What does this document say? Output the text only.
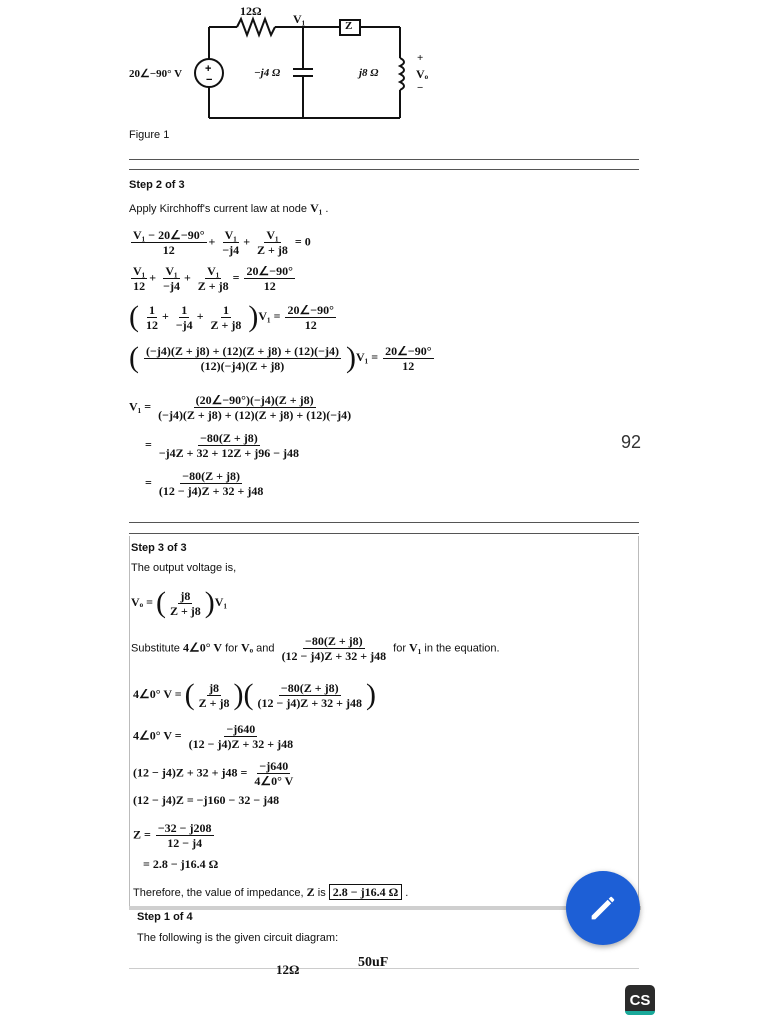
+
−
12Ω
V₁	Z
20∠−90° V	−j4 Ω	j8 Ω
+
Vₒ
−
Figure 1
Step 2 of 3
Apply Kirchhoff's current law at node V₁ .
$\frac{\text{V₁ − 20∠−90°}}{12} + \frac{\text{V₁}}{-j4} + \frac{\text{V₁}}{Z + j8} = 0$
$\frac{\text{V₁}}{12} + \frac{\text{V₁}}{-j4} + \frac{\text{V₁}}{Z + j8} = \frac{20\angle-90^\circ}{12}$
( $\frac{1}{12} + \frac{1}{-j4} + \frac{1}{Z + j8} )V_1 = \frac{20\angle-90^\circ}{12}$
( $\frac{(-j4)(Z + j8) + (12)(Z + j8) + (12)(-j4)}{(12)(-j4)(Z + j8)} )V_1 = \frac{20\angle-90^\circ}{12}$
$V_1 = \frac{(20\angle-90^\circ)(-j4)(Z + j8)}{(-j4)(Z + j8) + (12)(Z + j8) + (12)(-j4)}$
= $\frac{-80(Z + j8)}{-j4Z + 32 + 12Z + j96 - j48}$
= $\frac{-80(Z + j8)}{(12 - j4)Z + 32 + j48}$
92
Step 3 of 3
The output voltage is,
Vₒ = ( $\frac{j8}{Z + j8} )V_1$
Substitute 4∠0° V for Vₒ and $\frac{-80(Z + j8)}{(12 - j4)Z + 32 + j48}$ for V₁ in the equation.
4∠0° V = ( $\frac{j8}{Z + j8}$ )( $\frac{-80(Z + j8)}{(12 - j4)Z + 32 + j48}$ )
4∠0° $V = \frac{-j640}{(12 - j4)Z + 32 + j48}$
$(12 - j4)Z + 32 + j48 = \frac{-j640}{4\angle 0^\circ V}$
(12 − j4)Z = −j160 − 32 − j48
$Z = \frac{-32 - j208}{12 - j4}$
= 2.8 − j16.4 Ω
Therefore, the value of impedance, Z is 2.8 − j16.4 Ω .
Step 1 of 4
The following is the given circuit diagram:
12Ω	50uF
CS
